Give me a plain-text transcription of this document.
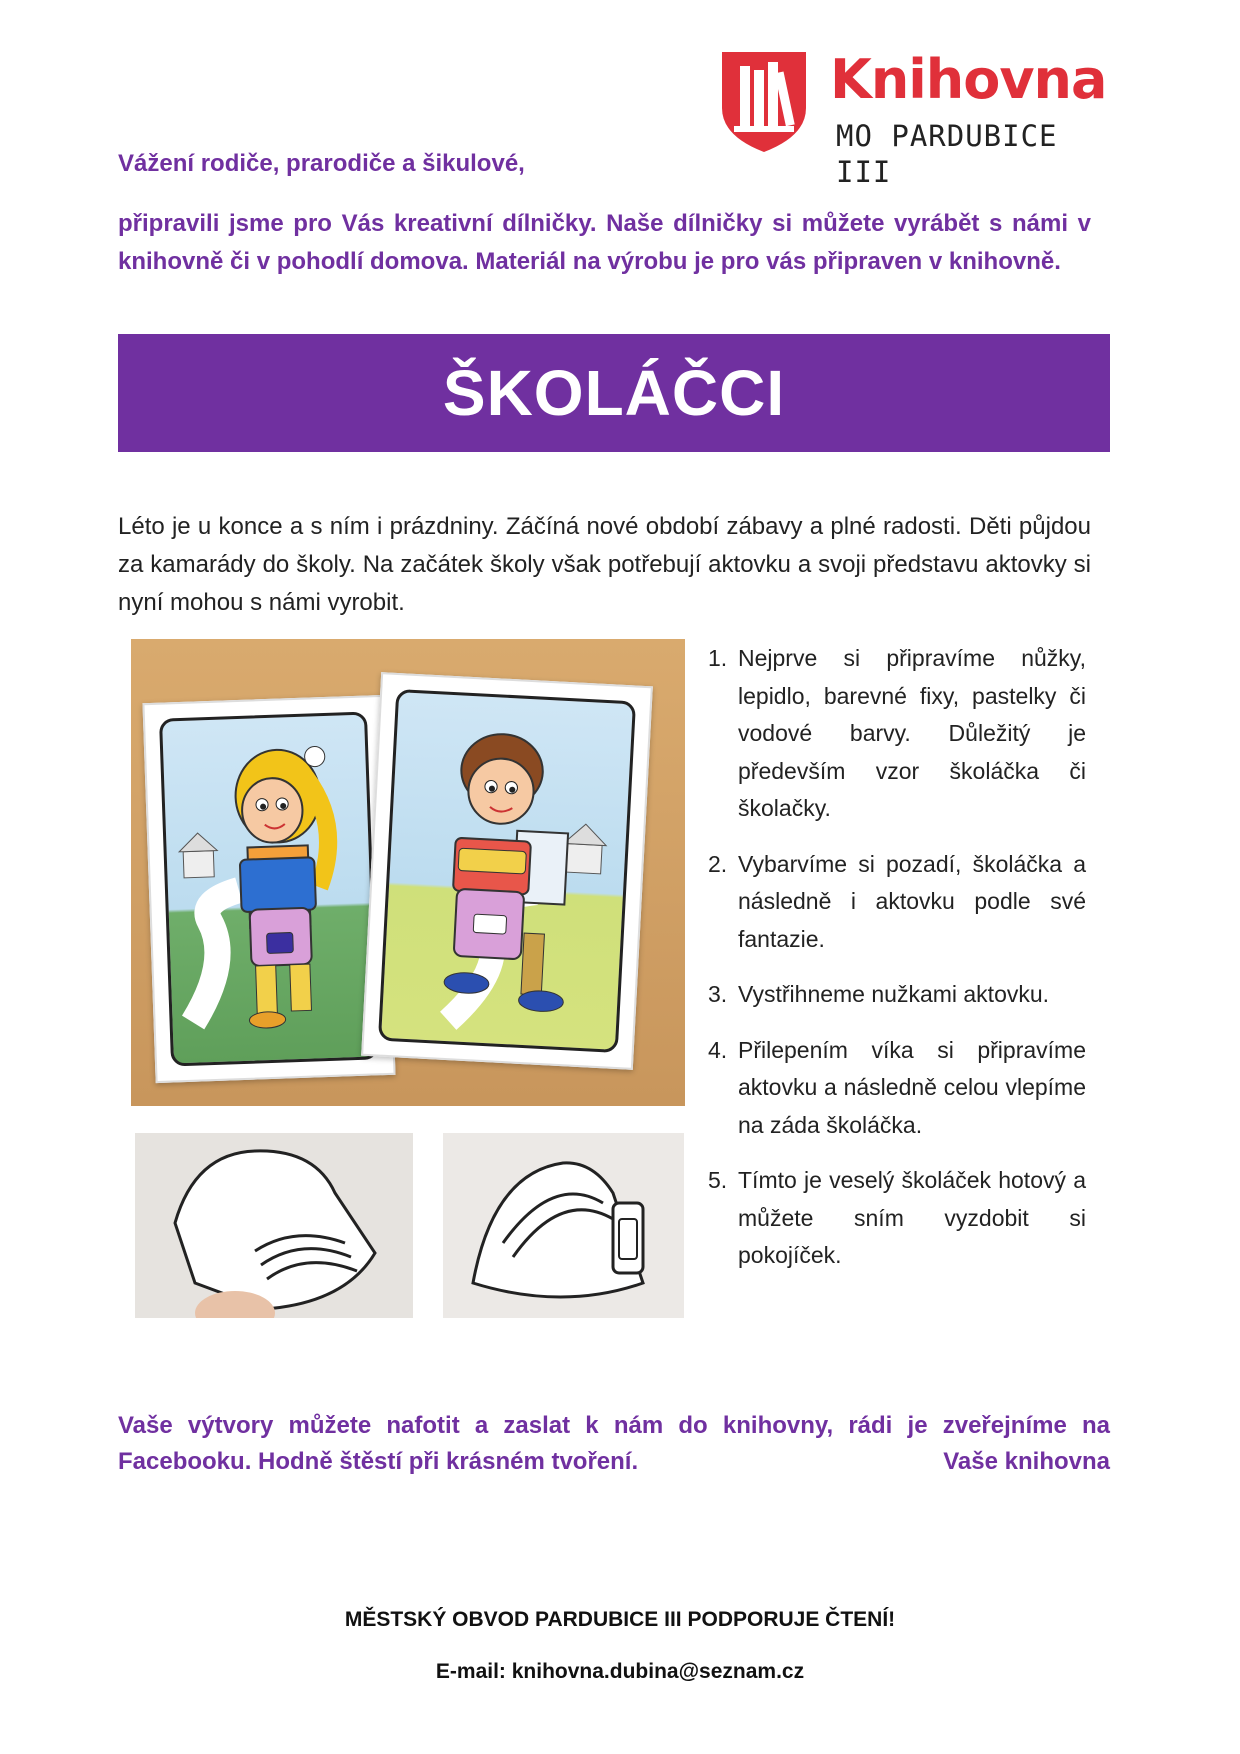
Knihovna
MO PARDUBICE III
Vážení rodiče, prarodiče a šikulové,
připravili jsme pro Vás kreativní dílničky. Naše dílničky si můžete vyrábět s námi v knihovně či v pohodlí domova. Materiál na výrobu je pro vás připraven v knihovně.
ŠKOLÁČCI
Léto je u konce a s ním i prázdniny. Záčíná nové období zábavy a plné radosti. Děti půjdou za kamarády do školy. Na začátek školy však potřebují aktovku a svoji představu aktovky si nyní mohou s námi vyrobit.
1. Nejprve si připravíme nůžky, lepidlo, barevné fixy, pastelky či vodové barvy. Důležitý je především vzor školáčka či školačky.
2. Vybarvíme si pozadí, školáčka a následně i aktovku podle své fantazie.
3. Vystřihneme nužkami aktovku.
4. Přilepením víka si připravíme aktovku a následně celou vlepíme na záda školáčka.
5. Tímto je veselý školáček hotový a můžete sním vyzdobit si pokojíček.
Vaše výtvory můžete nafotit a zaslat k nám do knihovny, rádi je zveřejníme na Facebooku. Hodně štěstí při krásném tvoření.	Vaše knihovna
MĚSTSKÝ OBVOD PARDUBICE III PODPORUJE ČTENÍ!
E-mail: knihovna.dubina@seznam.cz
